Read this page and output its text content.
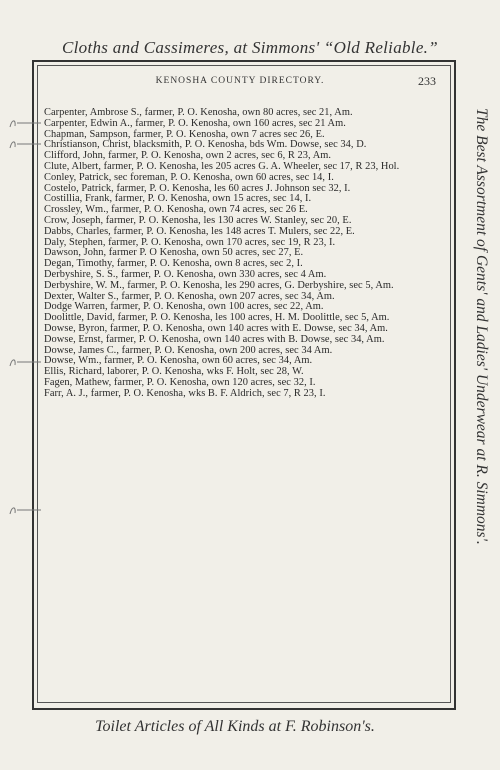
Cloths and Cassimeres, at Simmons' “Old Reliable.”
KENOSHA COUNTY DIRECTORY.	233
Carpenter, Ambrose S., farmer, P. O. Kenosha, own 80 acres, sec 21, Am.
Carpenter, Edwin A., farmer, P. O. Kenosha, own 160 acres, sec 21 Am.
Chapman, Sampson, farmer, P. O. Kenosha, own 7 acres sec 26, E.
Christianson, Christ, blacksmith, P. O. Kenosha, bds Wm. Dowse, sec 34, D.
Clifford, John, farmer, P. O. Kenosha, own 2 acres, sec 6, R 23, Am.
Clute, Albert, farmer, P. O. Kenosha, les 205 acres G. A. Wheeler, sec 17, R 23, Hol.
Conley, Patrick, sec foreman, P. O. Kenosha, own 60 acres, sec 14, I.
Costelo, Patrick, farmer, P. O. Kenosha, les 60 acres J. Johnson sec 32, I.
Costillia, Frank, farmer, P. O. Kenosha, own 15 acres, sec 14, I.
Crossley, Wm., farmer, P. O. Kenosha, own 74 acres, sec 26 E.
Crow, Joseph, farmer, P. O. Kenosha, les 130 acres W. Stanley, sec 20, E.
Dabbs, Charles, farmer, P. O. Kenosha, les 148 acres T. Mulers, sec 22, E.
Daly, Stephen, farmer, P. O. Kenosha, own 170 acres, sec 19, R 23, I.
Dawson, John, farmer P. O Kenosha, own 50 acres, sec 27, E.
Degan, Timothy, farmer, P. O. Kenosha, own 8 acres, sec 2, I.
Derbyshire, S. S., farmer, P. O. Kenosha, own 330 acres, sec 4 Am.
Derbyshire, W. M., farmer, P. O. Kenosha, les 290 acres, G. Derbyshire, sec 5, Am.
Dexter, Walter S., farmer, P. O. Kenosha, own 207 acres, sec 34, Am.
Dodge Warren, farmer, P. O. Kenosha, own 100 acres, sec 22, Am.
Doolittle, David, farmer, P. O. Kenosha, les 100 acres, H. M. Doolittle, sec 5, Am.
Dowse, Byron, farmer, P. O. Kenosha, own 140 acres with E. Dowse, sec 34, Am.
Dowse, Ernst, farmer, P. O. Kenosha, own 140 acres with B. Dowse, sec 34, Am.
Dowse, James C., farmer, P. O. Kenosha, own 200 acres, sec 34 Am.
Dowse, Wm., farmer, P. O. Kenosha, own 60 acres, sec 34, Am.
Ellis, Richard, laborer, P. O. Kenosha, wks F. Holt, sec 28, W.
Fagen, Mathew, farmer, P. O. Kenosha, own 120 acres, sec 32, I.
Farr, A. J., farmer, P. O. Kenosha, wks B. F. Aldrich, sec 7, R 23, I.	The Best Assortment of Gents' and Ladies' Underwear at R. Simmons'.
Toilet Articles of All Kinds at F. Robinson's.
